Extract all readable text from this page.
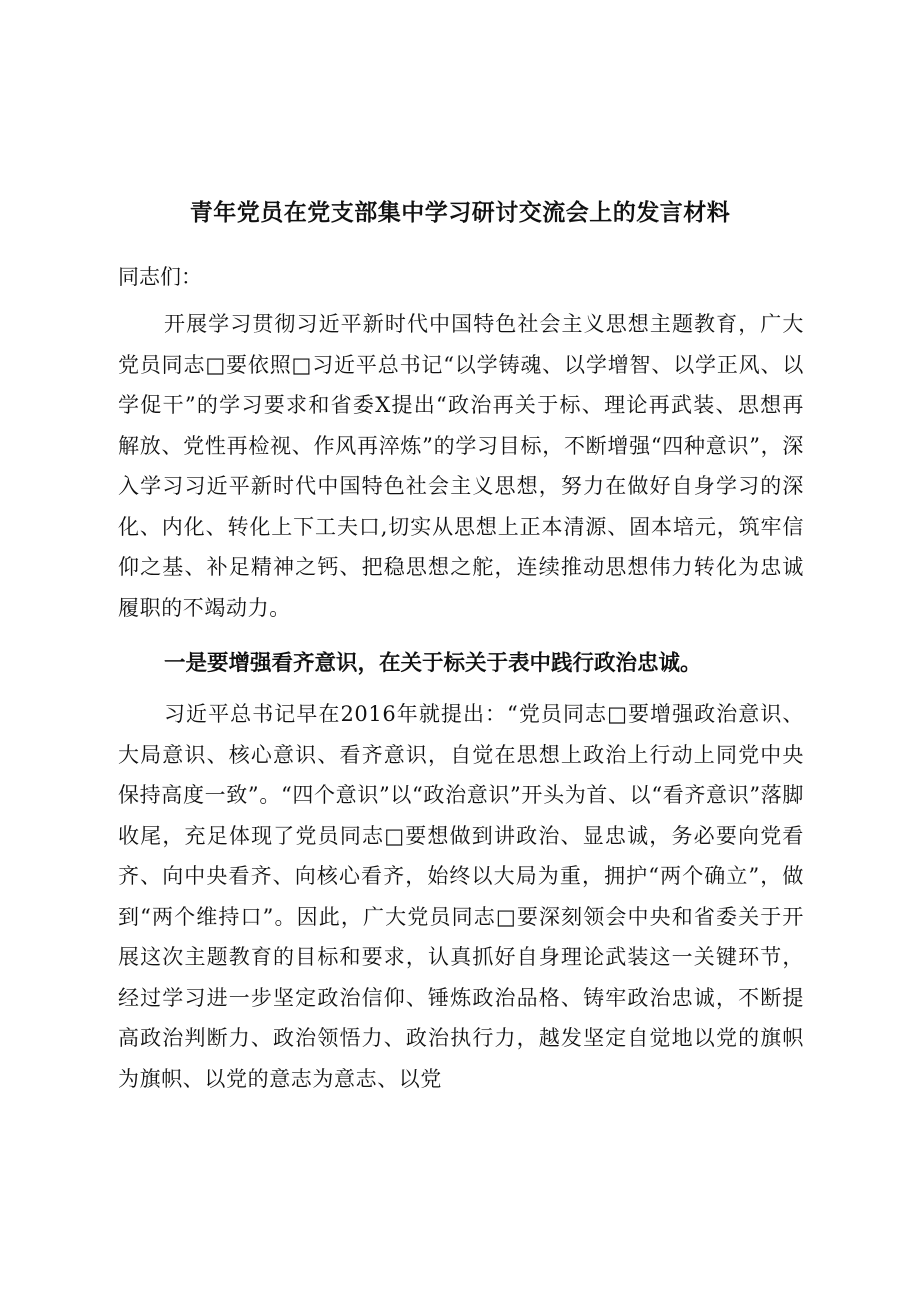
青年党员在党支部集中学习研讨交流会上的发言材料

同志们：

开展学习贯彻习近平新时代中国特色社会主义思想主题教育，广大党员同志□要依照□习近平总书记“以学铸魂、以学增智、以学正风、以学促干”的学习要求和省委X提出“政治再关于标、理论再武装、思想再解放、党性再检视、作风再淬炼”的学习目标，不断增强“四种意识”，深入学习习近平新时代中国特色社会主义思想，努力在做好自身学习的深化、内化、转化上下工夫口,切实从思想上正本清源、固本培元，筑牢信仰之基、补足精神之钙、把稳思想之舵，连续推动思想伟力转化为忠诚履职的不竭动力。

一是要增强看齐意识，在关于标关于表中践行政治忠诚。

习近平总书记早在2016年就提出：“党员同志□要增强政治意识、大局意识、核心意识、看齐意识，自觉在思想上政治上行动上同党中央保持高度一致”。“四个意识”以“政治意识”开头为首、以“看齐意识”落脚收尾，充足体现了党员同志□要想做到讲政治、显忠诚，务必要向党看齐、向中央看齐、向核心看齐，始终以大局为重，拥护“两个确立”，做到“两个维持口”。因此，广大党员同志□要深刻领会中央和省委关于开展这次主题教育的目标和要求，认真抓好自身理论武装这一关键环节，经过学习进一步坚定政治信仰、锤炼政治品格、铸牢政治忠诚，不断提高政治判断力、政治领悟力、政治执行力，越发坚定自觉地以党的旗帜为旗帜、以党的意志为意志、以党
